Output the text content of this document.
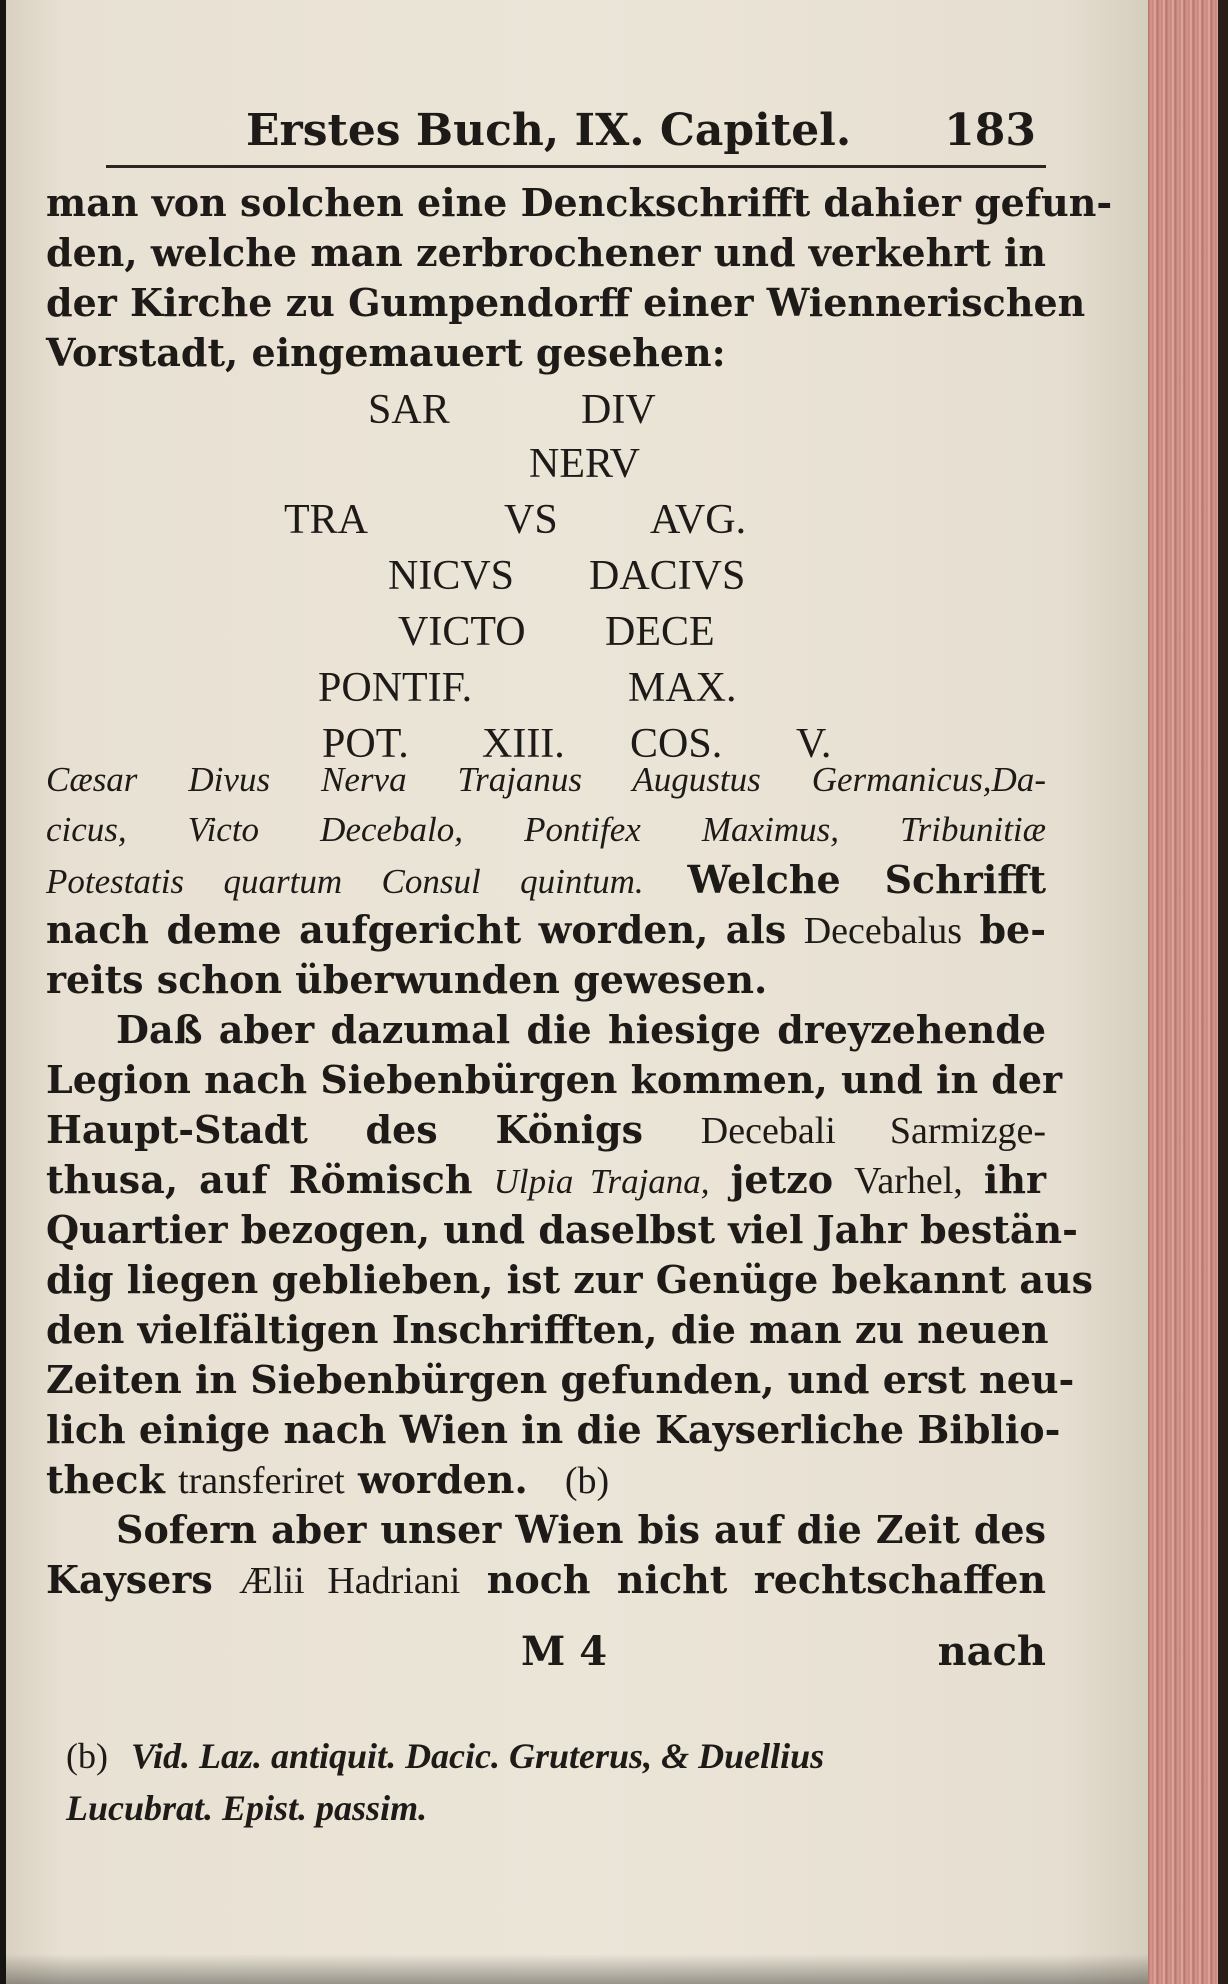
Erstes Buch, IX. Capitel. 183
man von solchen eine Denckschrifft dahier gefun-
den, welche man zerbrochener und verkehrt in
der Kirche zu Gumpendorff einer Wiennerischen
Vorstadt, eingemauert gesehen:
SAR	DIV
NERV
TRA	VS AVG.
NICVS DACIVS
VICTO DECE
PONTIF.	MAX.
POT. XIII. COS. V.
Cæsar Divus Nerva Trajanus Augustus Germanicus,Da-
cicus, Victo Decebalo, Pontifex Maximus, Tribunitiæ
Potestatis quartum Consul quintum. Welche Schrifft
nach deme aufgericht worden, als Decebalus be-
reits schon überwunden gewesen.
Daß aber dazumal die hiesige dreyzehende
Legion nach Siebenbürgen kommen, und in der
Haupt-Stadt des Königs Decebali Sarmizge-
thusa, auf Römisch Ulpia Trajana, jetzo Varhel, ihr
Quartier bezogen, und daselbst viel Jahr bestän-
dig liegen geblieben, ist zur Genüge bekannt aus
den vielfältigen Inschrifften, die man zu neuen
Zeiten in Siebenbürgen gefunden, und erst neu-
lich einige nach Wien in die Kayserliche Biblio-
theck transferiret worden. (b)
Sofern aber unser Wien bis auf die Zeit des
Kaysers Ælii Hadriani noch nicht rechtschaffen
M 4	nach
(b) Vid. Laz. antiquit. Dacic. Gruterus, & Duellius
Lucubrat. Epist. passim.
